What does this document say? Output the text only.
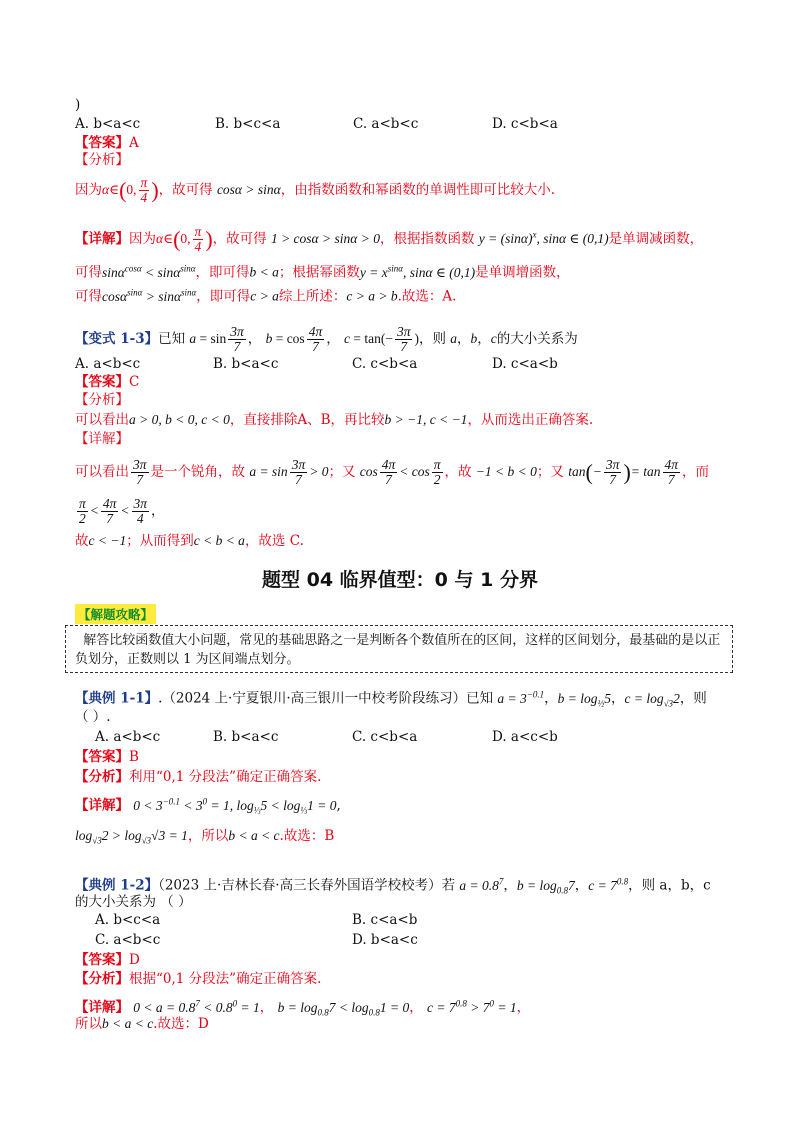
)
A. b<a<c	B. b<c<a	C. a<b<c	D. c<b<a
【答案】A
【分析】
因为α∈(0, $\frac{\pi}{4}$ )，故可得 cosα > sinα，由指数函数和幂函数的单调性即可比较大小.
【详解】因为α∈(0, $\frac{\pi}{4}$ )，故可得 1 > cosα > sinα > 0，根据指数函数 $y = (\sin\alpha)^x$, sinα ∈ (0,1)是单调减函数，
可得sinα$^{cos\alpha}$ < sinα$^{sin\alpha}$，即可得b < a；根据幂函数$y = x^{sin\alpha}$, sinα ∈ (0,1)是单调增函数，
可得cosα$^{sin\alpha}$ > sinα$^{sin\alpha}$，即可得c > a综上所述：c > a > b.故选：A.
【变式 1-3】已知 $a = \sin \frac{3\pi}{7}$ ， $b = \cos \frac{4\pi}{7}$ ， $c = \tan(- \frac{3\pi}{7}$ )，则 a，b，c的大小关系为
A. a<b<c	B. b<a<c	C. c<b<a	D. c<a<b
【答案】C
【分析】
可以看出a > 0, b < 0, c < 0，直接排除A、B，再比较b > −1, c < −1，从而选出正确答案.
【详解】
可以看出 $\frac{3\pi}{7}$ 是一个锐角，故 $a = \sin \frac{3\pi}{7} > 0$；又 $\cos \frac{4\pi}{7} < \cos \frac{\pi}{2}$ ，故 −1 < b < 0；又 $\tan(- \frac{3\pi}{7}$ )= $\tan \frac{4\pi}{7}$ ，而
$\frac{\pi}{2} < \frac{4\pi}{7} < \frac{3\pi}{4}$ ，
故c < −1；从而得到c < b < a，故选 C.
题型 04 临界值型：0 与 1 分界
【解题攻略】
解答比较函数值大小问题，常见的基础思路之一是判断各个数值所在的区间，这样的区间划分，最基础的是以正负划分，正数则以 1 为区间端点划分。
【典例 1-1】.（2024 上·宁夏银川·高三银川一中校考阶段练习）已知 $a = 3^{-0.1}$，$b = \log_{\frac{1}{2}}5$，$c = \log_{√3}2$，则
（ ）.
A. a<b<c	B. b<a<c	C. c<b<a	D. a<c<b
【答案】B
【分析】利用“0,1 分段法”确定正确答案.
【详解】 $0 < 3^{-0.1} < 3^0 = 1$, $\log_{\frac{1}{3}}5 < \log_{\frac{1}{3}}1 = 0$,
$\log_{√3}2 > \log_{√3}√3 = 1$，所以b < a < c.故选：B
【典例 1-2】（2023 上·吉林长春·高三长春外国语学校校考）若 $a = 0.8^7$，$b = \log_{0.8}7$，$c = 7^{0.8}$，则 a，b，c
的大小关系为 （ ）
A. b<c<a	B. c<a<b
C. a<b<c	D. b<a<c
【答案】D
【分析】根据“0,1 分段法”确定正确答案.
【详解】 $0 < a = 0.8^7 < 0.8^0 = 1$， $b = \log_{0.8}7 < \log_{0.8}1 = 0$， $c = 7^{0.8} > 7^0 = 1$，
所以b < a < c.故选：D
